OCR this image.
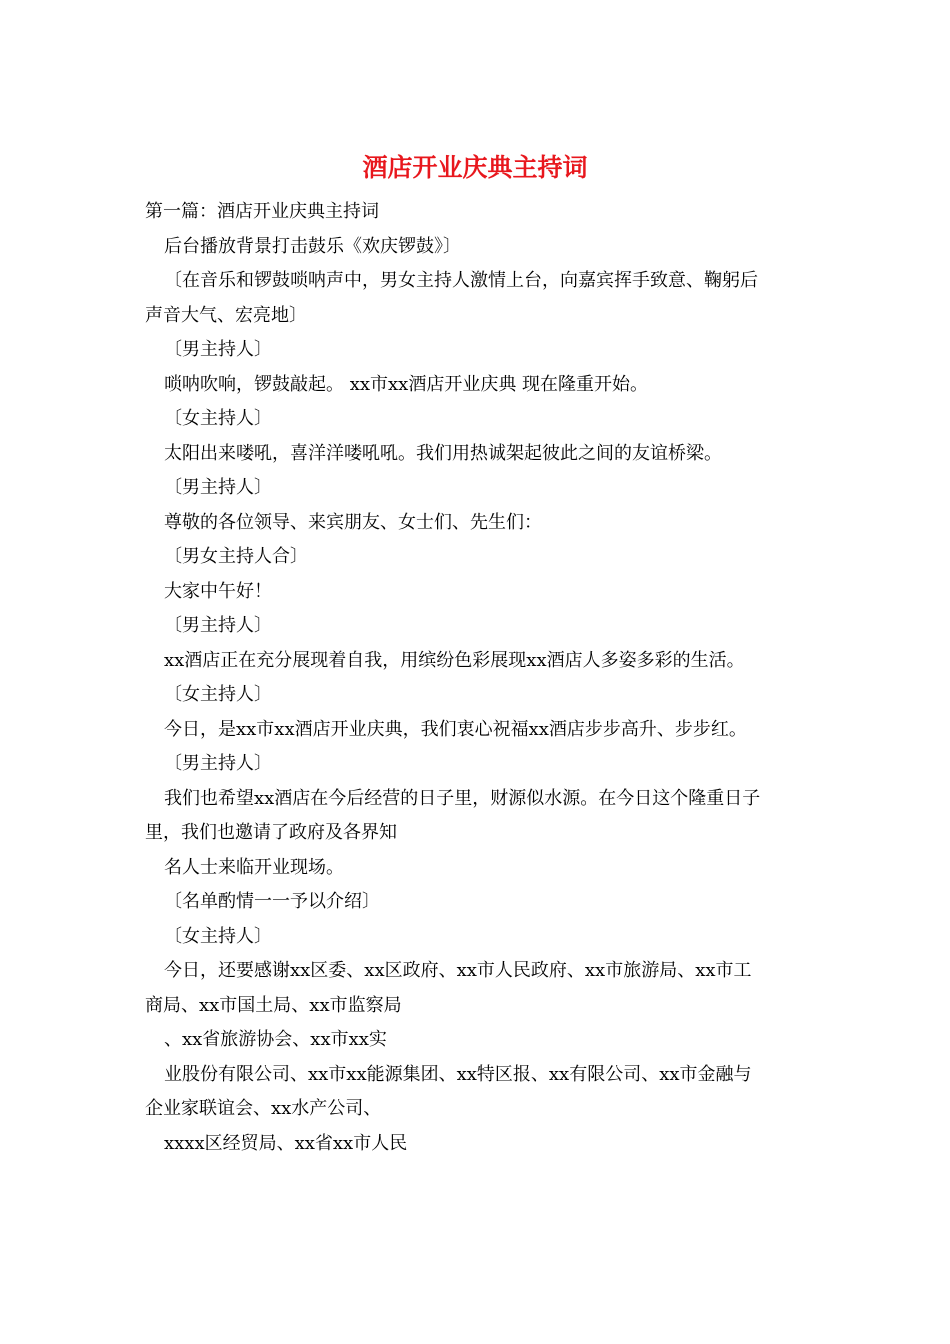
酒店开业庆典主持词
第一篇：酒店开业庆典主持词
后台播放背景打击鼓乐《欢庆锣鼓》〕
〔在音乐和锣鼓唢呐声中，男女主持人激情上台，向嘉宾挥手致意、鞠躬后
声音大气、宏亮地〕
〔男主持人〕
唢呐吹响，锣鼓敲起。 xx市xx酒店开业庆典 现在隆重开始。
〔女主持人〕
太阳出来喽吼，喜洋洋喽吼吼。我们用热诚架起彼此之间的友谊桥梁。
〔男主持人〕
尊敬的各位领导、来宾朋友、女士们、先生们：
〔男女主持人合〕
大家中午好！
〔男主持人〕
xx酒店正在充分展现着自我，用缤纷色彩展现xx酒店人多姿多彩的生活。
〔女主持人〕
今日，是xx市xx酒店开业庆典，我们衷心祝福xx酒店步步高升、步步红。
〔男主持人〕
我们也希望xx酒店在今后经营的日子里，财源似水源。在今日这个隆重日子
里，我们也邀请了政府及各界知
名人士来临开业现场。
〔名单酌情一一予以介绍〕
〔女主持人〕
今日，还要感谢xx区委、xx区政府、xx市人民政府、xx市旅游局、xx市工
商局、xx市国土局、xx市监察局
、xx省旅游协会、xx市xx实
业股份有限公司、xx市xx能源集团、xx特区报、xx有限公司、xx市金融与
企业家联谊会、xx水产公司、
xxxx区经贸局、xx省xx市人民
